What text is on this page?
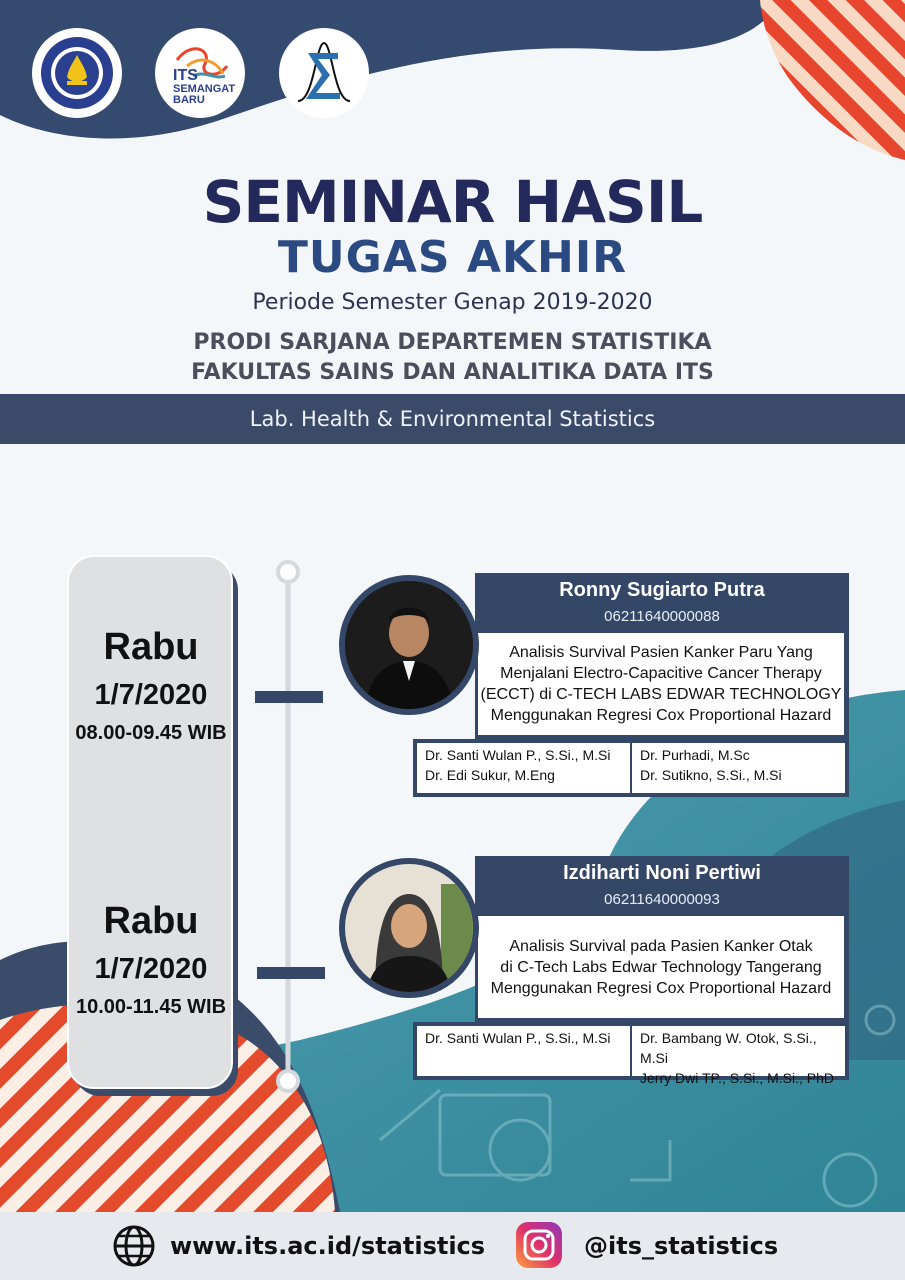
ITS
SEMANGAT
BARU
SEMINAR HASIL
TUGAS AKHIR
Periode Semester Genap 2019-2020
PRODI SARJANA DEPARTEMEN STATISTIKA
FAKULTAS SAINS DAN ANALITIKA DATA ITS
Lab. Health & Environmental Statistics
Rabu
1/7/2020
08.00-09.45 WIB
Ronny Sugiarto Putra
06211640000088
Analisis Survival Pasien Kanker Paru Yang
Menjalani Electro-Capacitive Cancer Therapy
(ECCT) di C-TECH LABS EDWAR TECHNOLOGY
Menggunakan Regresi Cox Proportional Hazard
Dr. Santi Wulan P., S.Si., M.Si
Dr. Edi Sukur, M.Eng
Dr. Purhadi, M.Sc
Dr. Sutikno, S.Si., M.Si
Rabu
1/7/2020
10.00-11.45 WIB
Izdiharti Noni Pertiwi
06211640000093
Analisis Survival pada Pasien Kanker Otak
di C-Tech Labs Edwar Technology Tangerang
Menggunakan Regresi Cox Proportional Hazard
Dr. Santi Wulan P., S.Si., M.Si	Dr. Bambang W. Otok, S.Si., M.Si
Jerry Dwi TP., S.Si., M.Si., PhD
www.its.ac.id/statistics	@its_statistics
